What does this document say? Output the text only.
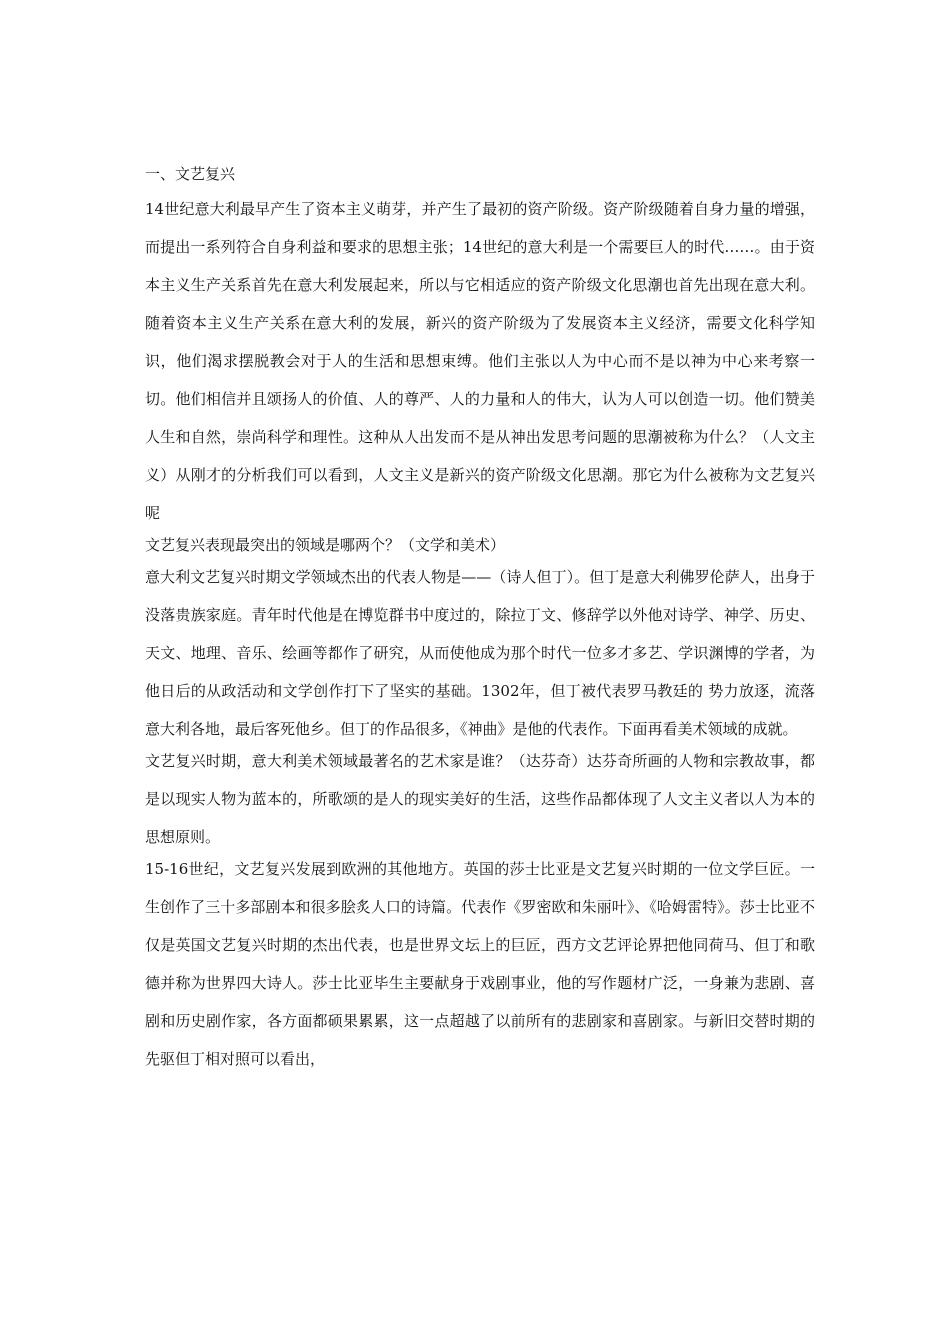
一、文艺复兴

14世纪意大利最早产生了资本主义萌芽，并产生了最初的资产阶级。资产阶级随着自身力量的增强，而提出一系列符合自身利益和要求的思想主张；14世纪的意大利是一个需要巨人的时代……。由于资本主义生产关系首先在意大利发展起来，所以与它相适应的资产阶级文化思潮也首先出现在意大利。随着资本主义生产关系在意大利的发展，新兴的资产阶级为了发展资本主义经济，需要文化科学知识，他们渴求摆脱教会对于人的生活和思想束缚。他们主张以人为中心而不是以神为中心来考察一切。他们相信并且颂扬人的价值、人的尊严、人的力量和人的伟大，认为人可以创造一切。他们赞美人生和自然，崇尚科学和理性。这种从人出发而不是从神出发思考问题的思潮被称为什么？（人文主义）从刚才的分析我们可以看到，人文主义是新兴的资产阶级文化思潮。那它为什么被称为文艺复兴呢

文艺复兴表现最突出的领域是哪两个？（文学和美术）

意大利文艺复兴时期文学领域杰出的代表人物是——（诗人但丁）。但丁是意大利佛罗伦萨人，出身于没落贵族家庭。青年时代他是在博览群书中度过的，除拉丁文、修辞学以外他对诗学、神学、历史、天文、地理、音乐、绘画等都作了研究，从而使他成为那个时代一位多才多艺、学识渊博的学者，为他日后的从政活动和文学创作打下了坚实的基础。1302年，但丁被代表罗马教廷的 势力放逐，流落意大利各地，最后客死他乡。但丁的作品很多，《神曲》是他的代表作。下面再看美术领域的成就。

文艺复兴时期，意大利美术领域最著名的艺术家是谁？（达芬奇）达芬奇所画的人物和宗教故事，都是以现实人物为蓝本的，所歌颂的是人的现实美好的生活，这些作品都体现了人文主义者以人为本的思想原则。

15-16世纪，文艺复兴发展到欧洲的其他地方。英国的莎士比亚是文艺复兴时期的一位文学巨匠。一生创作了三十多部剧本和很多脍炙人口的诗篇。代表作《罗密欧和朱丽叶》、《哈姆雷特》。莎士比亚不仅是英国文艺复兴时期的杰出代表，也是世界文坛上的巨匠，西方文艺评论界把他同荷马、但丁和歌德并称为世界四大诗人。莎士比亚毕生主要献身于戏剧事业，他的写作题材广泛，一身兼为悲剧、喜剧和历史剧作家，各方面都硕果累累，这一点超越了以前所有的悲剧家和喜剧家。与新旧交替时期的先驱但丁相对照可以看出，
